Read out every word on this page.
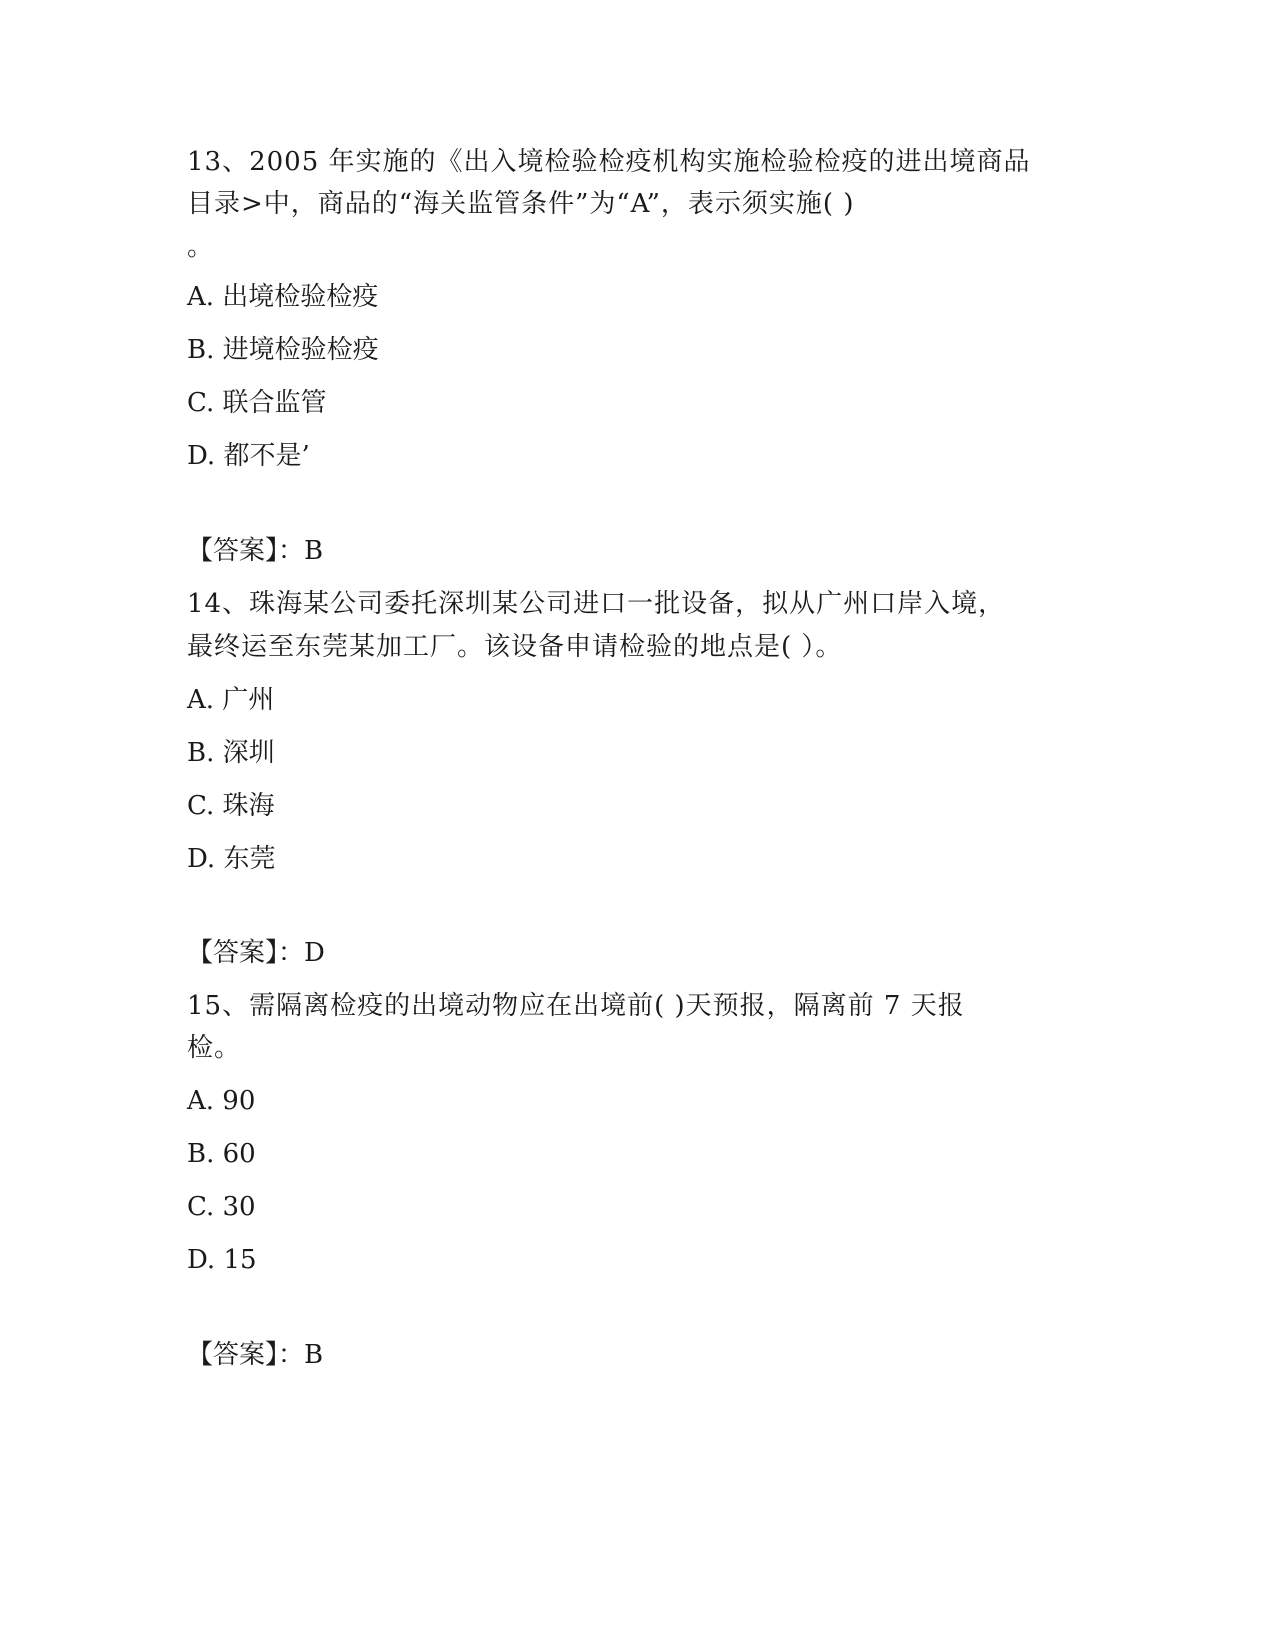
13、2005 年实施的《出入境检验检疫机构实施检验检疫的进出境商品
目录>中，商品的“海关监管条件”为“A”，表示须实施( )
。
A. 出境检验检疫
B. 进境检验检疫
C. 联合监管
D. 都不是’
【答案】：B
14、珠海某公司委托深圳某公司进口一批设备，拟从广州口岸入境，
最终运至东莞某加工厂。该设备申请检验的地点是( ）。
A. 广州
B. 深圳
C. 珠海
D. 东莞
【答案】：D
15、需隔离检疫的出境动物应在出境前( )天预报，隔离前 7 天报
检。
A. 90
B. 60
C. 30
D. 15
【答案】：B
